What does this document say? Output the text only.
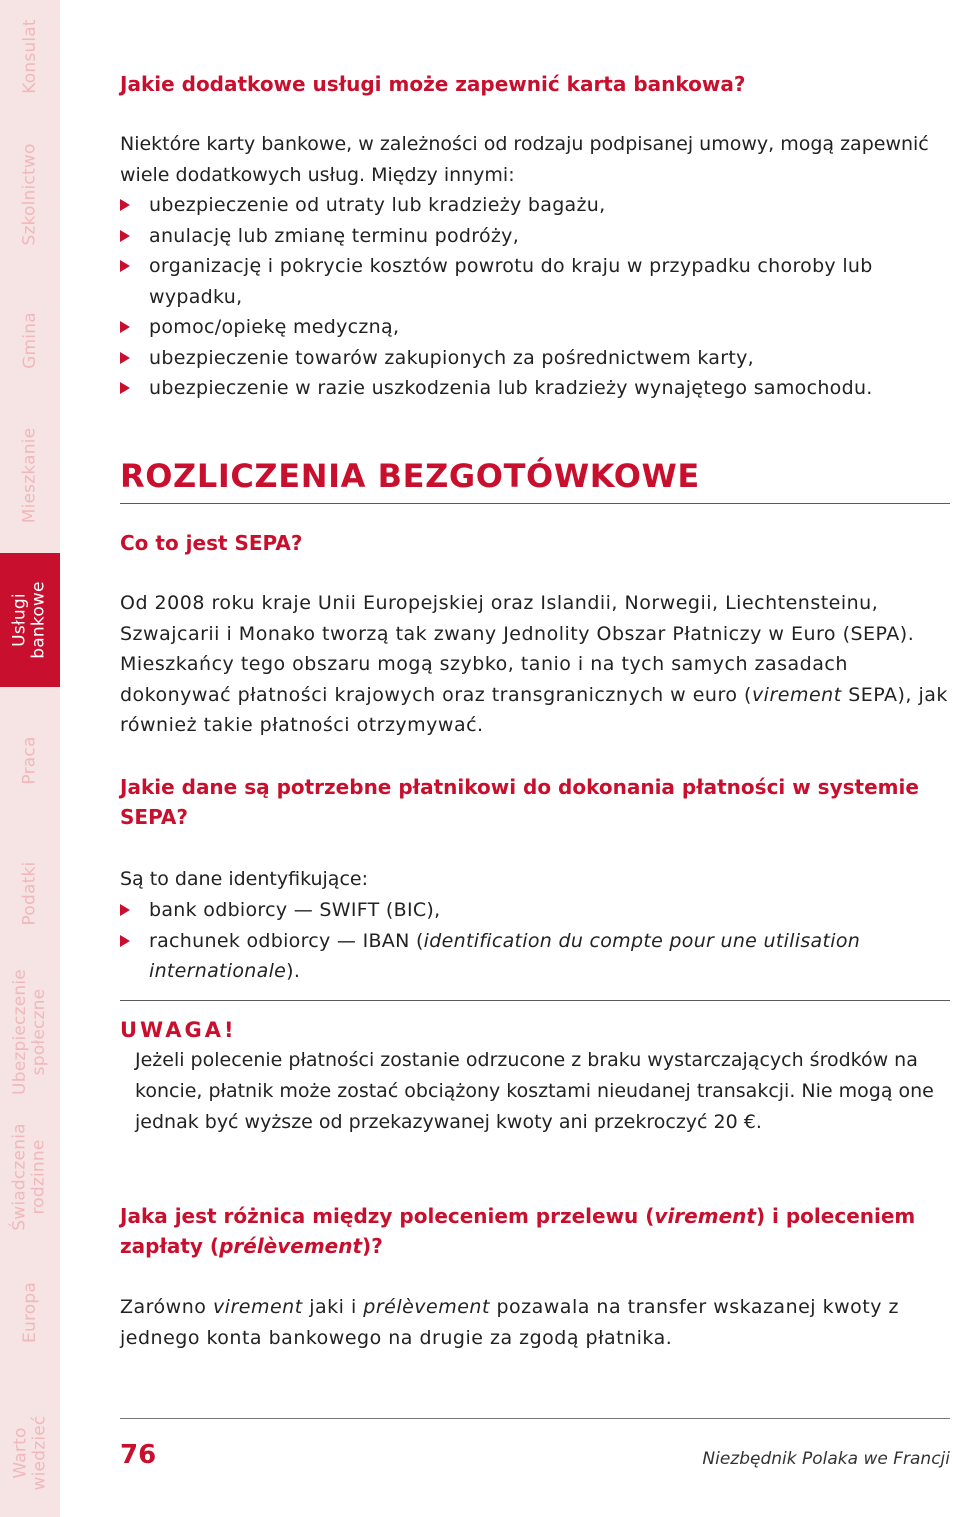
Konsulat
Szkolnictwo
Gmina
Mieszkanie
Usługi bankowe
Praca
Podatki
Ubezpieczenie społeczne
Świadczenia rodzinne
Europa
Warto wiedzieć
Jakie dodatkowe usługi może zapewnić karta bankowa?
Niektóre karty bankowe, w zależności od rodzaju podpisanej umowy, mogą zapewnić wiele dodatkowych usług. Między innymi:
ubezpieczenie od utraty lub kradzieży bagażu,
anulację lub zmianę terminu podróży,
organizację i pokrycie kosztów powrotu do kraju w przypadku choroby lub wypadku,
pomoc/opiekę medyczną,
ubezpieczenie towarów zakupionych za pośrednictwem karty,
ubezpieczenie w razie uszkodzenia lub kradzieży wynajętego samochodu.
ROZLICZENIA BEZGOTÓWKOWE
Co to jest SEPA?
Od 2008 roku kraje Unii Europejskiej oraz Islandii, Norwegii, Liechtensteinu, Szwajcarii i Monako tworzą tak zwany Jednolity Obszar Płatniczy w Euro (SEPA). Mieszkańcy tego obszaru mogą szybko, tanio i na tych samych zasadach dokonywać płatności krajowych oraz transgranicznych w euro (virement SEPA), jak również takie płatności otrzymywać.
Jakie dane są potrzebne płatnikowi do dokonania płatności w systemie SEPA?
Są to dane identyfikujące:
bank odbiorcy — SWIFT (BIC),
rachunek odbiorcy — IBAN (identification du compte pour une utilisation internationale).
UWAGA!
Jeżeli polecenie płatności zostanie odrzucone z braku wystarczających środków na koncie, płatnik może zostać obciążony kosztami nieudanej transakcji. Nie mogą one jednak być wyższe od przekazywanej kwoty ani przekroczyć 20 €.
Jaka jest różnica między poleceniem przelewu (virement) i poleceniem zapłaty (prélèvement)?
Zarówno virement jaki i prélèvement pozawala na transfer wskazanej kwoty z jednego konta bankowego na drugie za zgodą płatnika.
76	Niezbędnik Polaka we Francji
